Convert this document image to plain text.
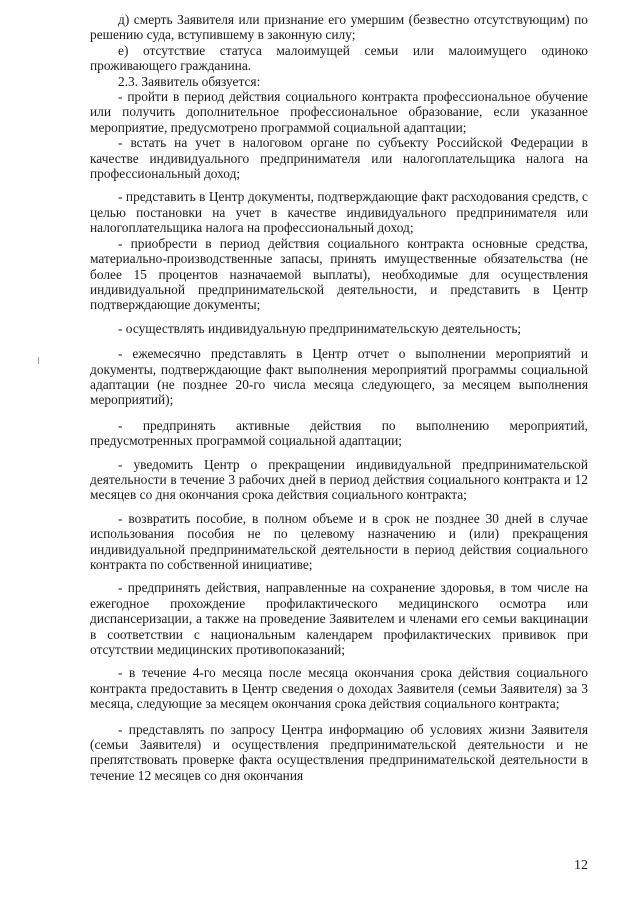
д) смерть Заявителя или признание его умершим (безвестно отсутствующим) по решению суда, вступившему в законную силу;

е) отсутствие статуса малоимущей семьи или малоимущего одиноко проживающего гражданина.

2.3. Заявитель обязуется:

- пройти в период действия социального контракта профессиональное обучение или получить дополнительное профессиональное образование, если указанное мероприятие, предусмотрено программой социальной адаптации;

- встать на учет в налоговом органе по субъекту Российской Федерации в качестве индивидуального предпринимателя или налогоплательщика налога на профессиональный доход;

- представить в Центр документы, подтверждающие факт расходования средств, с целью постановки на учет в качестве индивидуального предпринимателя или налогоплательщика налога на профессиональный доход;

- приобрести в период действия социального контракта основные средства, материально-производственные запасы, принять имущественные обязательства (не более 15 процентов назначаемой выплаты), необходимые для осуществления индивидуальной предпринимательской деятельности, и представить в Центр подтверждающие документы;

- осуществлять индивидуальную предпринимательскую деятельность;

- ежемесячно представлять в Центр отчет о выполнении мероприятий и документы, подтверждающие факт выполнения мероприятий программы социальной адаптации (не позднее 20-го числа месяца следующего, за месяцем выполнения мероприятий);

- предпринять активные действия по выполнению мероприятий, предусмотренных программой социальной адаптации;

- уведомить Центр о прекращении индивидуальной предпринимательской деятельности в течение 3 рабочих дней в период действия социального контракта и 12 месяцев со дня окончания срока действия социального контракта;

- возвратить пособие, в полном объеме и в срок не позднее 30 дней в случае использования пособия не по целевому назначению и (или) прекращения индивидуальной предпринимательской деятельности в период действия социального контракта по собственной инициативе;

- предпринять действия, направленные на сохранение здоровья, в том числе на ежегодное прохождение профилактического медицинского осмотра или диспансеризации, а также на проведение Заявителем и членами его семьи вакцинации в соответствии с национальным календарем профилактических прививок при отсутствии медицинских противопоказаний;

- в течение 4-го месяца после месяца окончания срока действия социального контракта предоставить в Центр сведения о доходах Заявителя (семьи Заявителя) за 3 месяца, следующие за месяцем окончания срока действия социального контракта;

- представлять по запросу Центра информацию об условиях жизни Заявителя (семьи Заявителя) и осуществления предпринимательской деятельности и не препятствовать проверке факта осуществления предпринимательской деятельности в течение 12 месяцев со дня окончания

12
